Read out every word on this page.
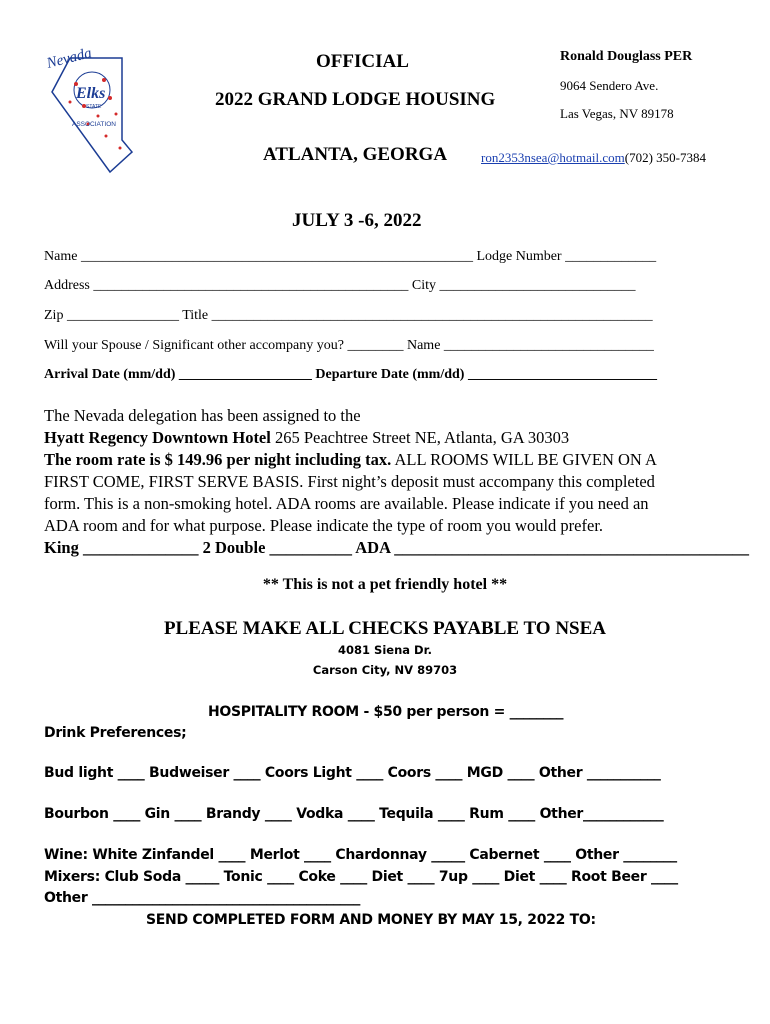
Nevada
Elks
STATE
ASSOCIATION
OFFICIAL
2022 GRAND LODGE HOUSING
ATLANTA, GEORGA
JULY 3 -6, 2022
Ronald Douglass PER
9064 Sendero Ave.
Las Vegas, NV 89178
ron2353nsea@hotmail.com(702) 350-7384
Name ________________________________________________________ Lodge Number _____________
Address _____________________________________________ City ____________________________
Zip ________________ Title _______________________________________________________________
Will your Spouse / Significant other accompany you? ________ Name ______________________________
Arrival Date (mm/dd) ___________________ Departure Date (mm/dd) ___________________________
The Nevada delegation has been assigned to the
Hyatt Regency Downtown Hotel 265 Peachtree Street NE, Atlanta, GA 30303
The room rate is $ 149.96 per night including tax. ALL ROOMS WILL BE GIVEN ON A
FIRST COME, FIRST SERVE BASIS. First night’s deposit must accompany this completed
form. This is a non-smoking hotel. ADA rooms are available. Please indicate if you need an
ADA room and for what purpose. Please indicate the type of room you would prefer.
King ______________ 2 Double __________ ADA ___________________________________________
** This is not a pet friendly hotel **
PLEASE MAKE ALL CHECKS PAYABLE TO NSEA
4081 Siena Dr.
Carson City, NV 89703
HOSPITALITY ROOM - $50 per person = ________
Drink Preferences;
Bud light ____ Budweiser ____ Coors Light ____ Coors ____ MGD ____ Other ___________
Bourbon ____ Gin ____ Brandy ____ Vodka ____ Tequila ____ Rum ____ Other____________
Wine: White Zinfandel ____ Merlot ____ Chardonnay _____ Cabernet ____ Other ________
Mixers: Club Soda _____ Tonic ____ Coke ____ Diet ____ 7up ____ Diet ____ Root Beer ____
Other ________________________________________
SEND COMPLETED FORM AND MONEY BY MAY 15, 2022 TO:
